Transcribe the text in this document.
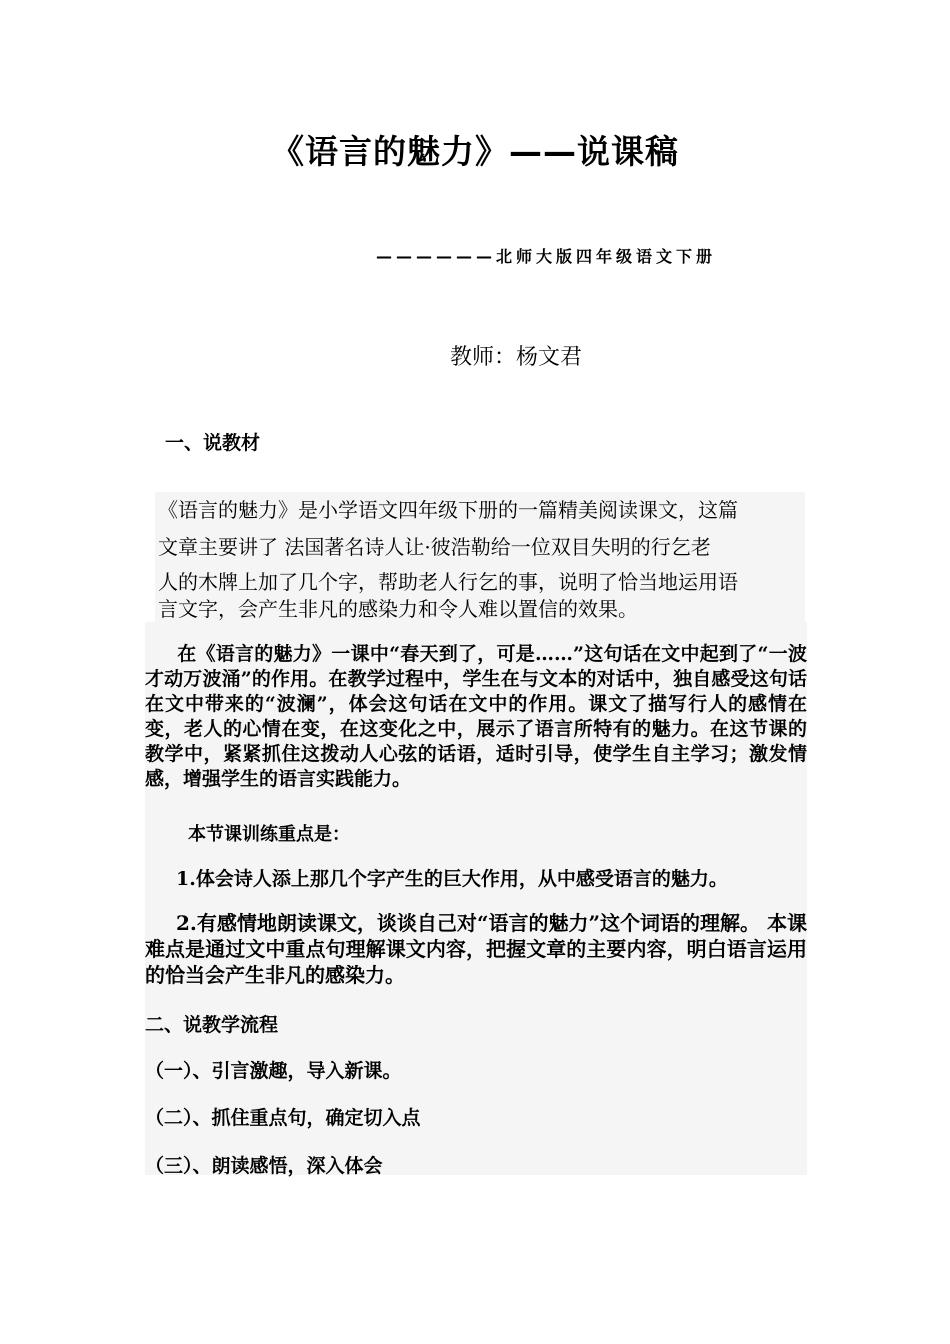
《语言的魅力》——说课稿
——————北师大版四年级语文下册
教师：杨文君
一、说教材

《语言的魅力》是小学语文四年级下册的一篇精美阅读课文，这篇
文章主要讲了 法国著名诗人让·彼浩勒给一位双目失明的行乞老
人的木牌上加了几个字，帮助老人行乞的事，说明了恰当地运用语
言文字，会产生非凡的感染力和令人难以置信的效果。

在《语言的魅力》一课中“春天到了，可是……”这句话在文中起到了“一波才动万波涌”的作用。在教学过程中，学生在与文本的对话中，独自感受这句话在文中带来的“波澜”，体会这句话在文中的作用。课文了描写行人的感情在变，老人的心情在变，在这变化之中，展示了语言所特有的魅力。在这节课的教学中，紧紧抓住这拨动人心弦的话语，适时引导，使学生自主学习；激发情感，增强学生的语言实践能力。

本节课训练重点是：

1.体会诗人添上那几个字产生的巨大作用，从中感受语言的魅力。

2.有感情地朗读课文，谈谈自己对“语言的魅力”这个词语的理解。 本课难点是通过文中重点句理解课文内容，把握文章的主要内容，明白语言运用的恰当会产生非凡的感染力。

二、说教学流程

（一）、引言激趣，导入新课。

（二）、抓住重点句，确定切入点

（三）、朗读感悟，深入体会
